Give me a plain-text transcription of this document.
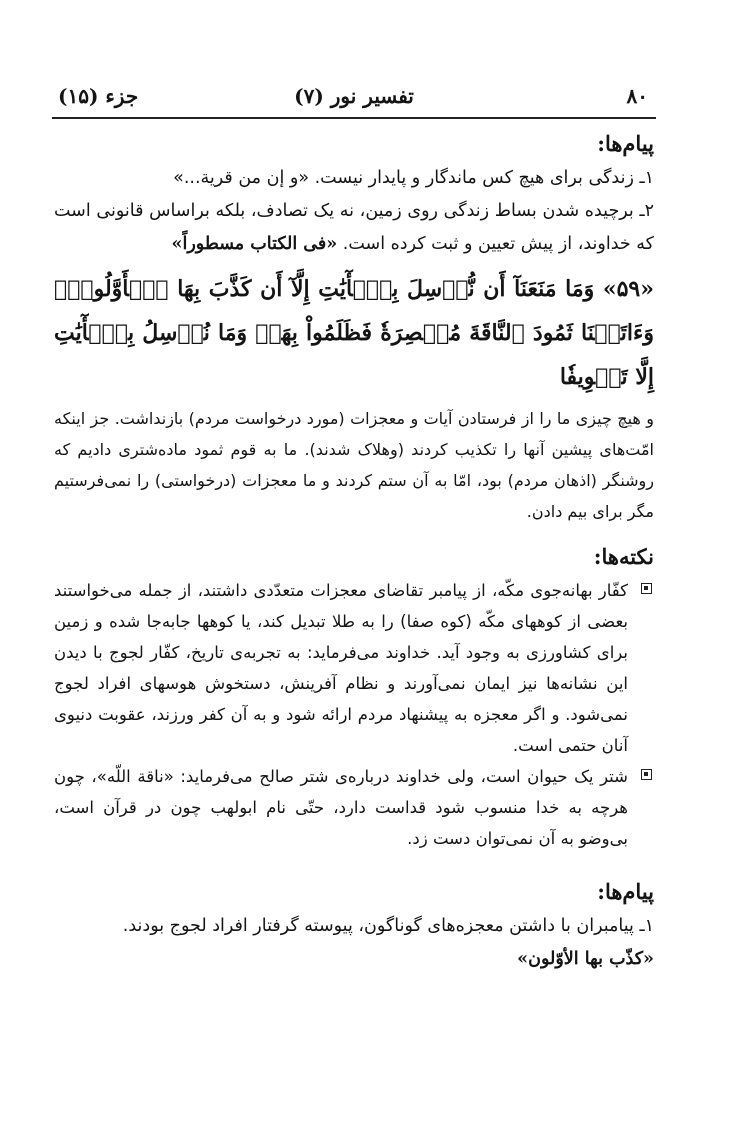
۸۰
تفسیر نور (۷)
جزء (۱۵)
پیام‌ها:

۱ـ زندگی برای هیچ کس ماندگار و پایدار نیست. «و إن من قریة...»

۲ـ برچیده شدن بساط زندگی روی زمین، نه یک تصادف، بلکه براساس قانونی است که خداوند، از پیش تعیین و ثبت کرده است. «فی الکتاب مسطوراً»

«۵۹» وَمَا مَنَعَنَآ أَن نُّرۡسِلَ بِٱلۡأٓيَٰتِ إِلَّآ أَن كَذَّبَ بِهَا ٱلۡأَوَّلُونَۚ وَءَاتَيۡنَا ثَمُودَ ٱلنَّاقَةَ مُبۡصِرَةٗ فَظَلَمُواْ بِهَاۚ وَمَا نُرۡسِلُ بِٱلۡأٓيَٰتِ إِلَّا تَخۡوِيفٗا

و هیچ چیزی ما را از فرستادن آیات و معجزات (مورد درخواست مردم) بازنداشت. جز اینکه امّت‌های پیشین آنها را تکذیب کردند (وهلاک شدند). ما به قوم ثمود ماده‌شتری دادیم که روشنگر (اذهان مردم) بود، امّا به آن ستم کردند و ما معجزات (درخواستی) را نمی‌فرستیم مگر برای بیم دادن.

نکته‌ها:
کفّار بهانه‌جوی مکّه، از پیامبر تقاضای معجزات متعدّدی داشتند، از جمله می‌خواستند بعضی از کوههای مکّه (کوه صفا) را به طلا تبدیل کند، یا کوهها جابه‌جا شده و زمین برای کشاورزی به وجود آید. خداوند می‌فرماید: به تجربه‌ی تاریخ، کفّار لجوج با دیدن این نشانه‌ها نیز ایمان نمی‌آورند و نظام آفرینش، دستخوش هوسهای افراد لجوج نمی‌شود. و اگر معجزه به پیشنهاد مردم ارائه شود و به آن کفر ورزند، عقوبت دنیوی آنان حتمی است.
شتر یک حیوان است، ولی خداوند درباره‌ی شتر صالح می‌فرماید: «ناقة اللّه»، چون هرچه به خدا منسوب شود قداست دارد، حتّی نام ابولهب چون در قرآن است، بی‌وضو به آن نمی‌توان دست زد.
پیام‌ها:

۱ـ پیامبران با داشتن معجزه‌های گوناگون، پیوسته گرفتار افراد لجوج بودند.

«کذّب بها الأوّلون»
